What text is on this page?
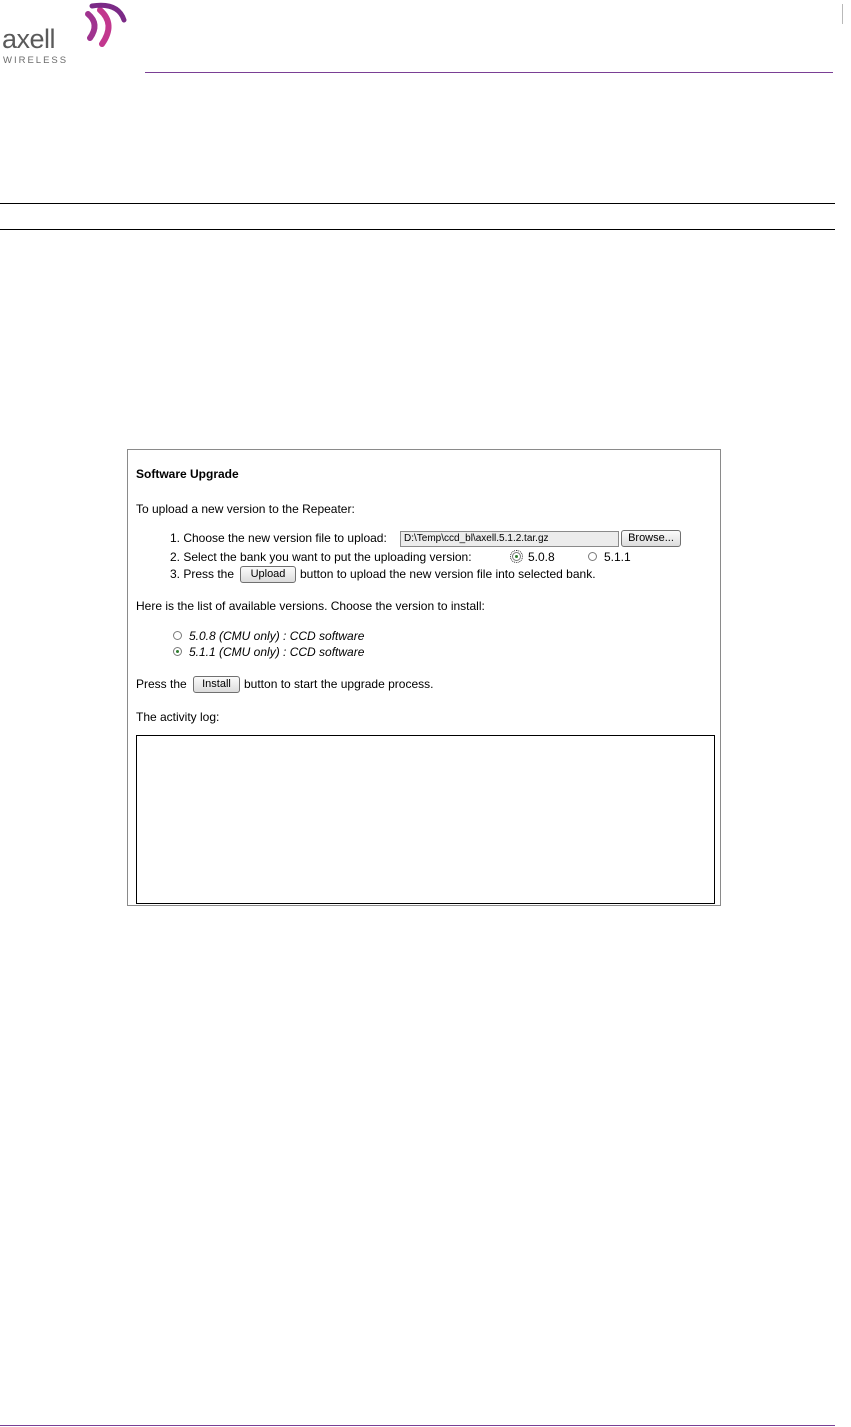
axell
WIRELESS
Software Upgrade
To upload a new version to the Repeater:
1. Choose the new version file to upload:	D:\Temp\ccd_bl\axell.5.1.2.tar.gz	Browse...
2. Select the bank you want to put the uploading version:	5.0.8	5.1.1
3. Press the	Upload	button to upload the new version file into selected bank.
Here is the list of available versions. Choose the version to install:
5.0.8 (CMU only) : CCD software
5.1.1 (CMU only) : CCD software
Press the	Install	button to start the upgrade process.
The activity log:
